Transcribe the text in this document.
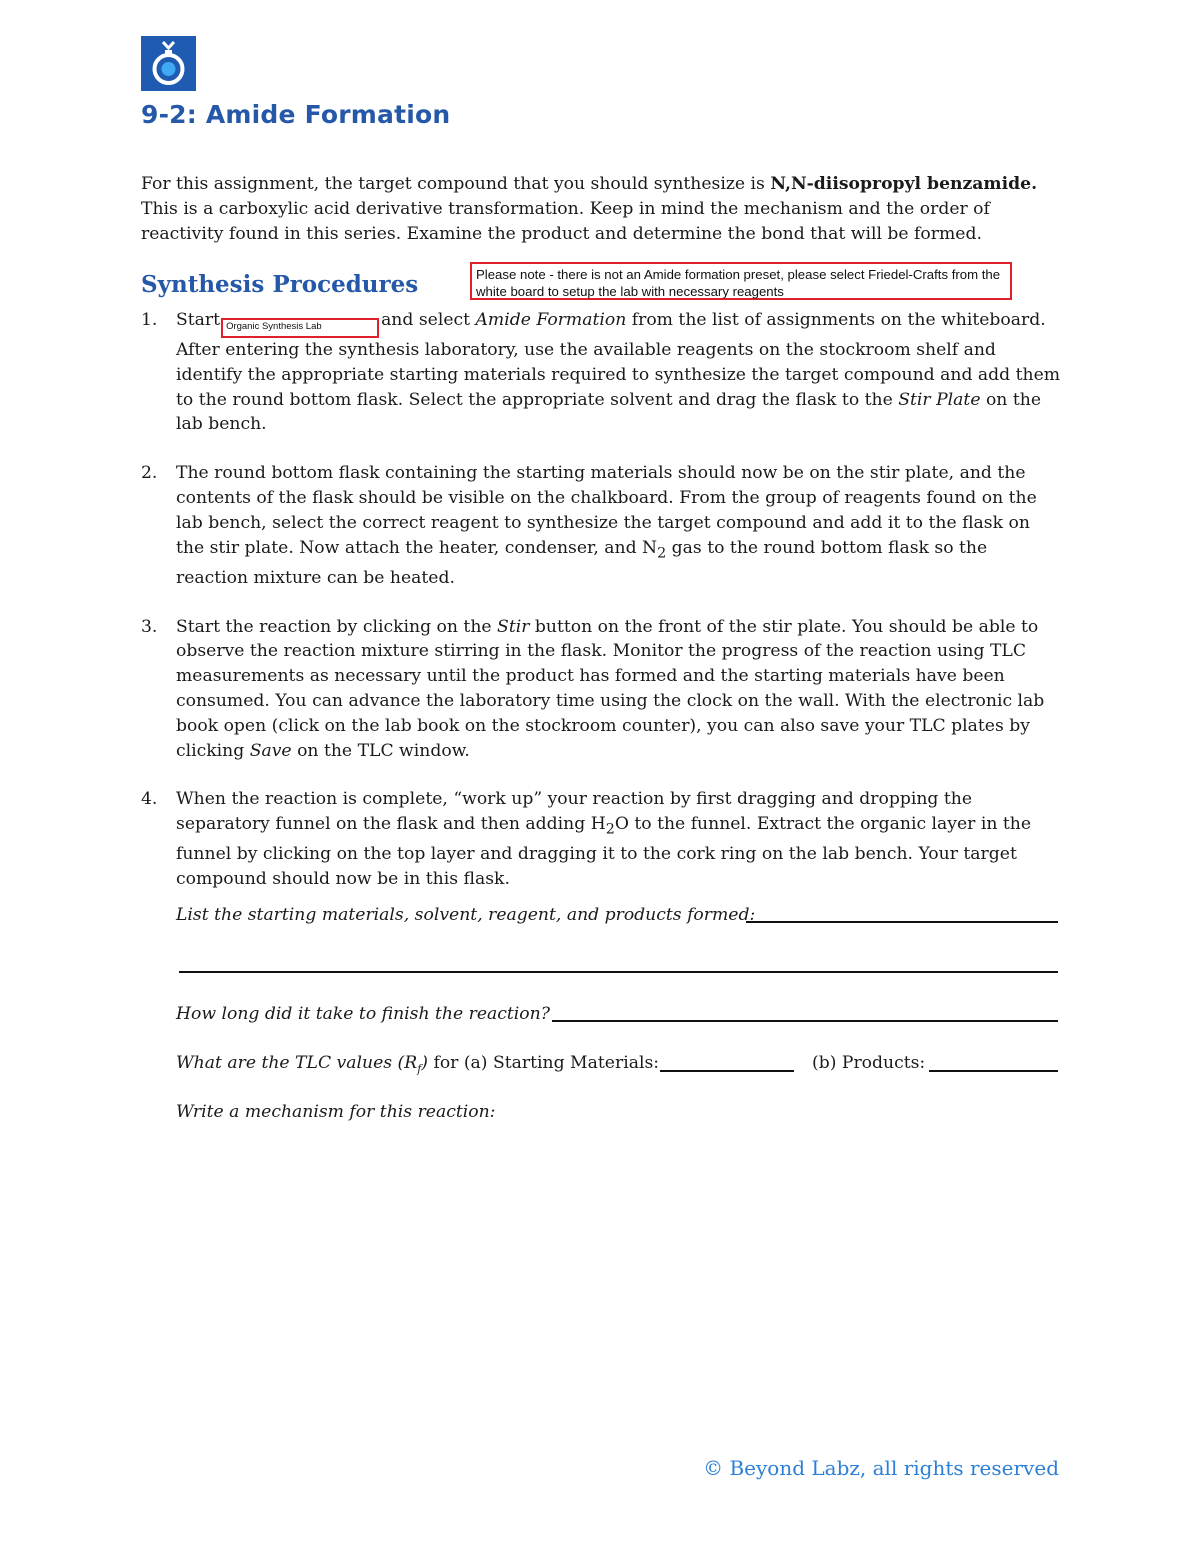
9-2: Amide Formation

For this assignment, the target compound that you should synthesize is N,N-diisopropyl benzamide. This is a carboxylic acid derivative transformation. Keep in mind the mechanism and the order of reactivity found in this series. Examine the product and determine the bond that will be formed.

Synthesis Procedures	Please note - there is not an Amide formation preset, please select Friedel-Crafts from the white board to setup the lab with necessary reagents

1. Start Organic Synthesis Lab	and select Amide Formation from the list of assignments on the whiteboard. After entering the synthesis laboratory, use the available reagents on the stockroom shelf and identify the appropriate starting materials required to synthesize the target compound and add them to the round bottom flask. Select the appropriate solvent and drag the flask to the Stir Plate on the lab bench.

2. The round bottom flask containing the starting materials should now be on the stir plate, and the contents of the flask should be visible on the chalkboard. From the group of reagents found on the lab bench, select the correct reagent to synthesize the target compound and add it to the flask on the stir plate. Now attach the heater, condenser, and $N_2$ gas to the round bottom flask so the reaction mixture can be heated.

3. Start the reaction by clicking on the Stir button on the front of the stir plate. You should be able to observe the reaction mixture stirring in the flask. Monitor the progress of the reaction using TLC measurements as necessary until the product has formed and the starting materials have been consumed. You can advance the laboratory time using the clock on the wall. With the electronic lab book open (click on the lab book on the stockroom counter), you can also save your TLC plates by clicking Save on the TLC window.

4. When the reaction is complete, “work up” your reaction by first dragging and dropping the separatory funnel on the flask and then adding $H_2O$ to the funnel. Extract the organic layer in the funnel by clicking on the top layer and dragging it to the cork ring on the lab bench. Your target compound should now be in this flask.

List the starting materials, solvent, reagent, and products formed:
How long did it take to finish the reaction?
What are the TLC values $(R_f)$ for (a) Starting Materials:	(b) Products:
Write a mechanism for this reaction:
© Beyond Labz, all rights reserved
